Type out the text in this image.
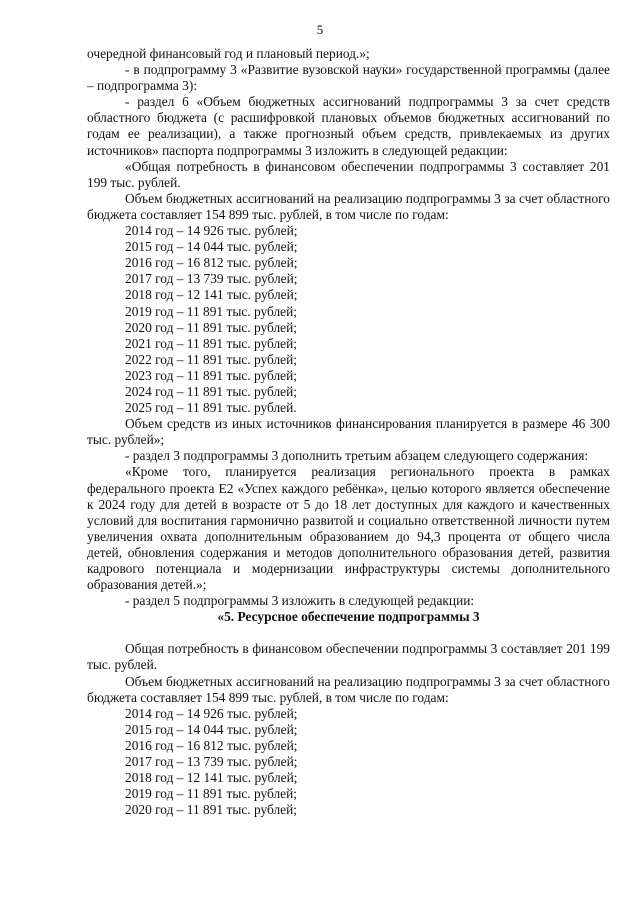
5

очередной финансовый год и плановый период.»;

- в подпрограмму 3 «Развитие вузовской науки» государственной программы (далее – подпрограмма 3):

- раздел 6 «Объем бюджетных ассигнований подпрограммы 3 за счет средств областного бюджета (с расшифровкой плановых объемов бюджетных ассигнований по годам ее реализации), а также прогнозный объем средств, привлекаемых из других источников» паспорта подпрограммы 3 изложить в следующей редакции:

«Общая потребность в финансовом обеспечении подпрограммы 3 составляет 201 199 тыс. рублей.

Объем бюджетных ассигнований на реализацию подпрограммы 3 за счет областного бюджета составляет 154 899 тыс. рублей, в том числе по годам:

2014 год – 14 926 тыс. рублей;

2015 год – 14 044 тыс. рублей;

2016 год – 16 812 тыс. рублей;

2017 год – 13 739 тыс. рублей;

2018 год – 12 141 тыс. рублей;

2019 год – 11 891 тыс. рублей;

2020 год – 11 891 тыс. рублей;

2021 год – 11 891 тыс. рублей;

2022 год – 11 891 тыс. рублей;

2023 год – 11 891 тыс. рублей;

2024 год – 11 891 тыс. рублей;

2025 год – 11 891 тыс. рублей.

Объем средств из иных источников финансирования планируется в размере 46 300 тыс. рублей»;

- раздел 3 подпрограммы 3 дополнить третьим абзацем следующего содержания:

«Кроме того, планируется реализация регионального проекта в рамках федерального проекта Е2 «Успех каждого ребёнка», целью которого является обеспечение к 2024 году для детей в возрасте от 5 до 18 лет доступных для каждого и качественных условий для воспитания гармонично развитой и социально ответственной личности путем увеличения охвата дополнительным образованием до 94,3 процента от общего числа детей, обновления содержания и методов дополнительного образования детей, развития кадрового потенциала и модернизации инфраструктуры системы дополнительного образования детей.»;

- раздел 5 подпрограммы 3 изложить в следующей редакции:

«5. Ресурсное обеспечение подпрограммы 3

Общая потребность в финансовом обеспечении подпрограммы 3 составляет 201 199 тыс. рублей.

Объем бюджетных ассигнований на реализацию подпрограммы 3 за счет областного бюджета составляет 154 899 тыс. рублей, в том числе по годам:

2014 год – 14 926 тыс. рублей;

2015 год – 14 044 тыс. рублей;

2016 год – 16 812 тыс. рублей;

2017 год – 13 739 тыс. рублей;

2018 год – 12 141 тыс. рублей;

2019 год – 11 891 тыс. рублей;

2020 год – 11 891 тыс. рублей;
